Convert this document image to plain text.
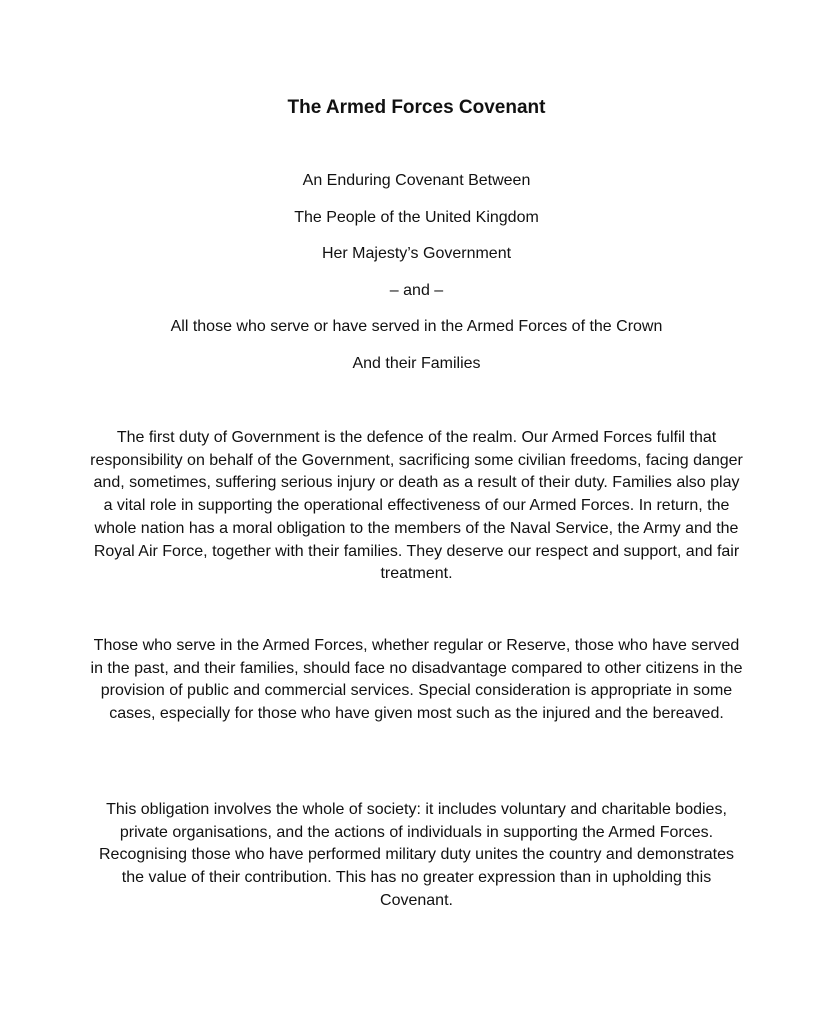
The Armed Forces Covenant
An Enduring Covenant Between
The People of the United Kingdom
Her Majesty’s Government
– and –
All those who serve or have served in the Armed Forces of the Crown
And their Families

The first duty of Government is the defence of the realm. Our Armed Forces fulfil that responsibility on behalf of the Government, sacrificing some civilian freedoms, facing danger and, sometimes, suffering serious injury or death as a result of their duty. Families also play a vital role in supporting the operational effectiveness of our Armed Forces. In return, the whole nation has a moral obligation to the members of the Naval Service, the Army and the Royal Air Force, together with their families. They deserve our respect and support, and fair treatment.

Those who serve in the Armed Forces, whether regular or Reserve, those who have served in the past, and their families, should face no disadvantage compared to other citizens in the provision of public and commercial services. Special consideration is appropriate in some cases, especially for those who have given most such as the injured and the bereaved.

This obligation involves the whole of society: it includes voluntary and charitable bodies, private organisations, and the actions of individuals in supporting the Armed Forces. Recognising those who have performed military duty unites the country and demonstrates the value of their contribution. This has no greater expression than in upholding this Covenant.
